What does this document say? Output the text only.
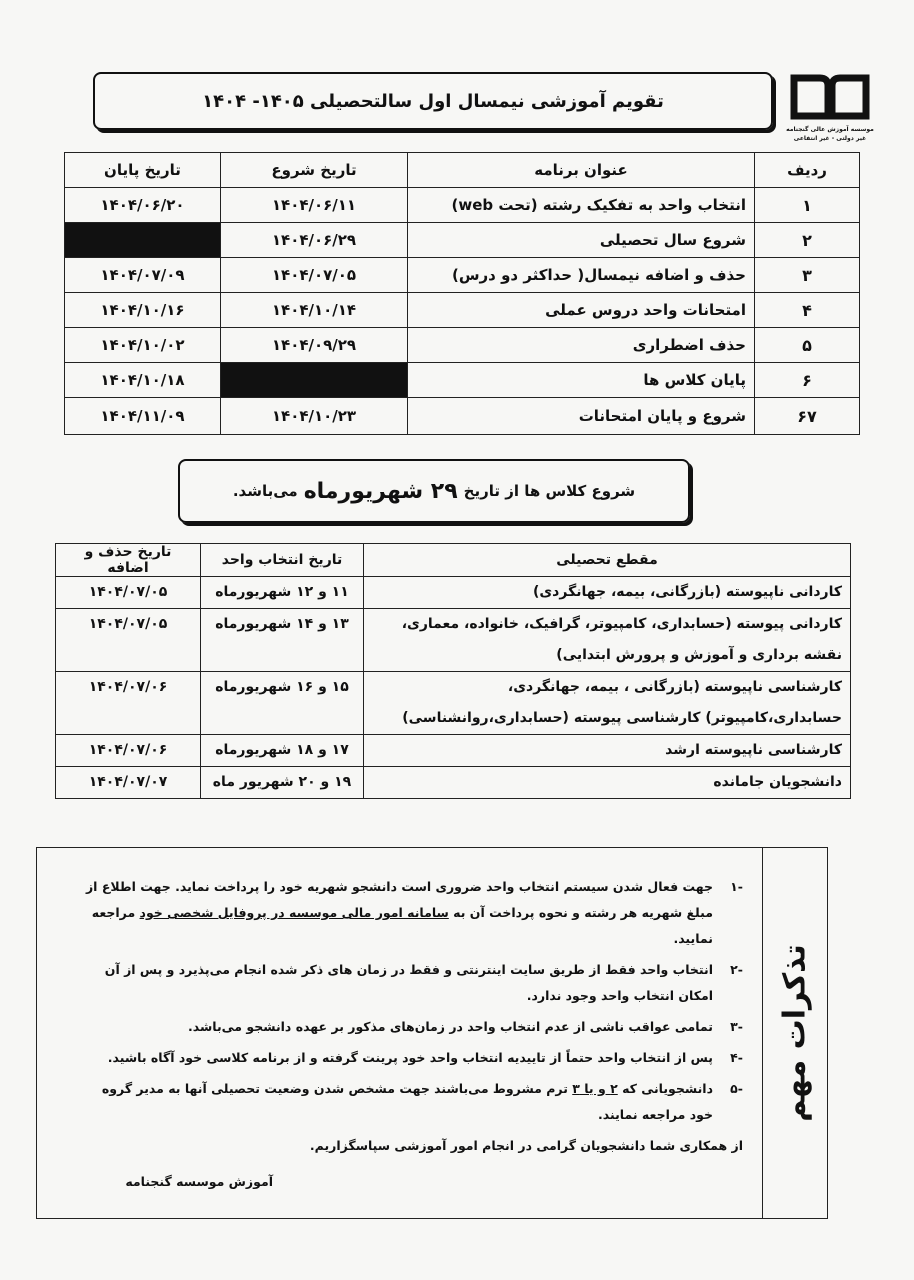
موسسه آموزش عالی گنجنامه
غیر دولتی - غیر انتفاعی
تقویم آموزشی نیمسال اول سالتحصیلی ۱۴۰۵- ۱۴۰۴
ردیف	عنوان برنامه	تاریخ شروع	تاریخ پایان
۱	انتخاب واحد به تفکیک رشته (تحت web)	۱۴۰۴/۰۶/۱۱	۱۴۰۴/۰۶/۲۰
۲	شروع سال تحصیلی	۱۴۰۴/۰۶/۲۹	
۳	حذف و اضافه نیمسال( حداکثر دو درس)	۱۴۰۴/۰۷/۰۵	۱۴۰۴/۰۷/۰۹
۴	امتحانات واحد دروس عملی	۱۴۰۴/۱۰/۱۴	۱۴۰۴/۱۰/۱۶
۵	حذف اضطراری	۱۴۰۴/۰۹/۲۹	۱۴۰۴/۱۰/۰۲
۶	پایان کلاس ها		۱۴۰۴/۱۰/۱۸
۶۷	شروع و پایان امتحانات	۱۴۰۴/۱۰/۲۳	۱۴۰۴/۱۱/۰۹
شروع کلاس ها از تاریخ
۲۹ شهریورماه
می‌باشد.
مقطع تحصیلی	تاریخ انتخاب واحد	تاریخ حذف و اضافه
کاردانی ناپیوسته (بازرگانی، بیمه، جهانگردی)	۱۱ و ۱۲ شهریورماه	۱۴۰۴/۰۷/۰۵
کاردانی پیوسته (حسابداری، کامپیوتر، گرافیک، خانواده، معماری، نقشه برداری و آموزش و پرورش ابتدایی)	۱۳ و ۱۴ شهریورماه	۱۴۰۴/۰۷/۰۵
کارشناسی ناپیوسته (بازرگانی ، بیمه، جهانگردی، حسابداری،کامپیوتر) کارشناسی پیوسته (حسابداری،روانشناسی)	۱۵ و ۱۶ شهریورماه	۱۴۰۴/۰۷/۰۶
کارشناسی ناپیوسته ارشد	۱۷ و ۱۸ شهریورماه	۱۴۰۴/۰۷/۰۶
دانشجویان جامانده	۱۹ و ۲۰ شهریور ماه	۱۴۰۴/۰۷/۰۷
تذکرات مهم
-۱
جهت فعال شدن سیستم انتخاب واحد ضروری است دانشجو شهریه خود را پرداخت نماید. جهت اطلاع از مبلغ شهریه هر رشته و نحوه پرداخت آن به سامانه امور مالی موسسه در پروفایل شخصی خود مراجعه نمایید.
-۲
انتخاب واحد فقط از طریق سایت اینترنتی و فقط در زمان های ذکر شده انجام می‌پذیرد و پس از آن امکان انتخاب واحد وجود ندارد.
-۳
تمامی عواقب ناشی از عدم انتخاب واحد در زمان‌های مذکور بر عهده دانشجو می‌باشد.
-۴
پس از انتخاب واحد حتماً از تاییدیه انتخاب واحد خود پرینت گرفته و از برنامه کلاسی خود آگاه باشید.
-۵
دانشجویانی که ۲ و یا ۳ ترم مشروط می‌باشند جهت مشخص شدن وضعیت تحصیلی آنها به مدیر گروه خود مراجعه نمایند.
از همکاری شما دانشجویان گرامی در انجام امور آموزشی سپاسگزاریم.
آموزش موسسه گنجنامه
